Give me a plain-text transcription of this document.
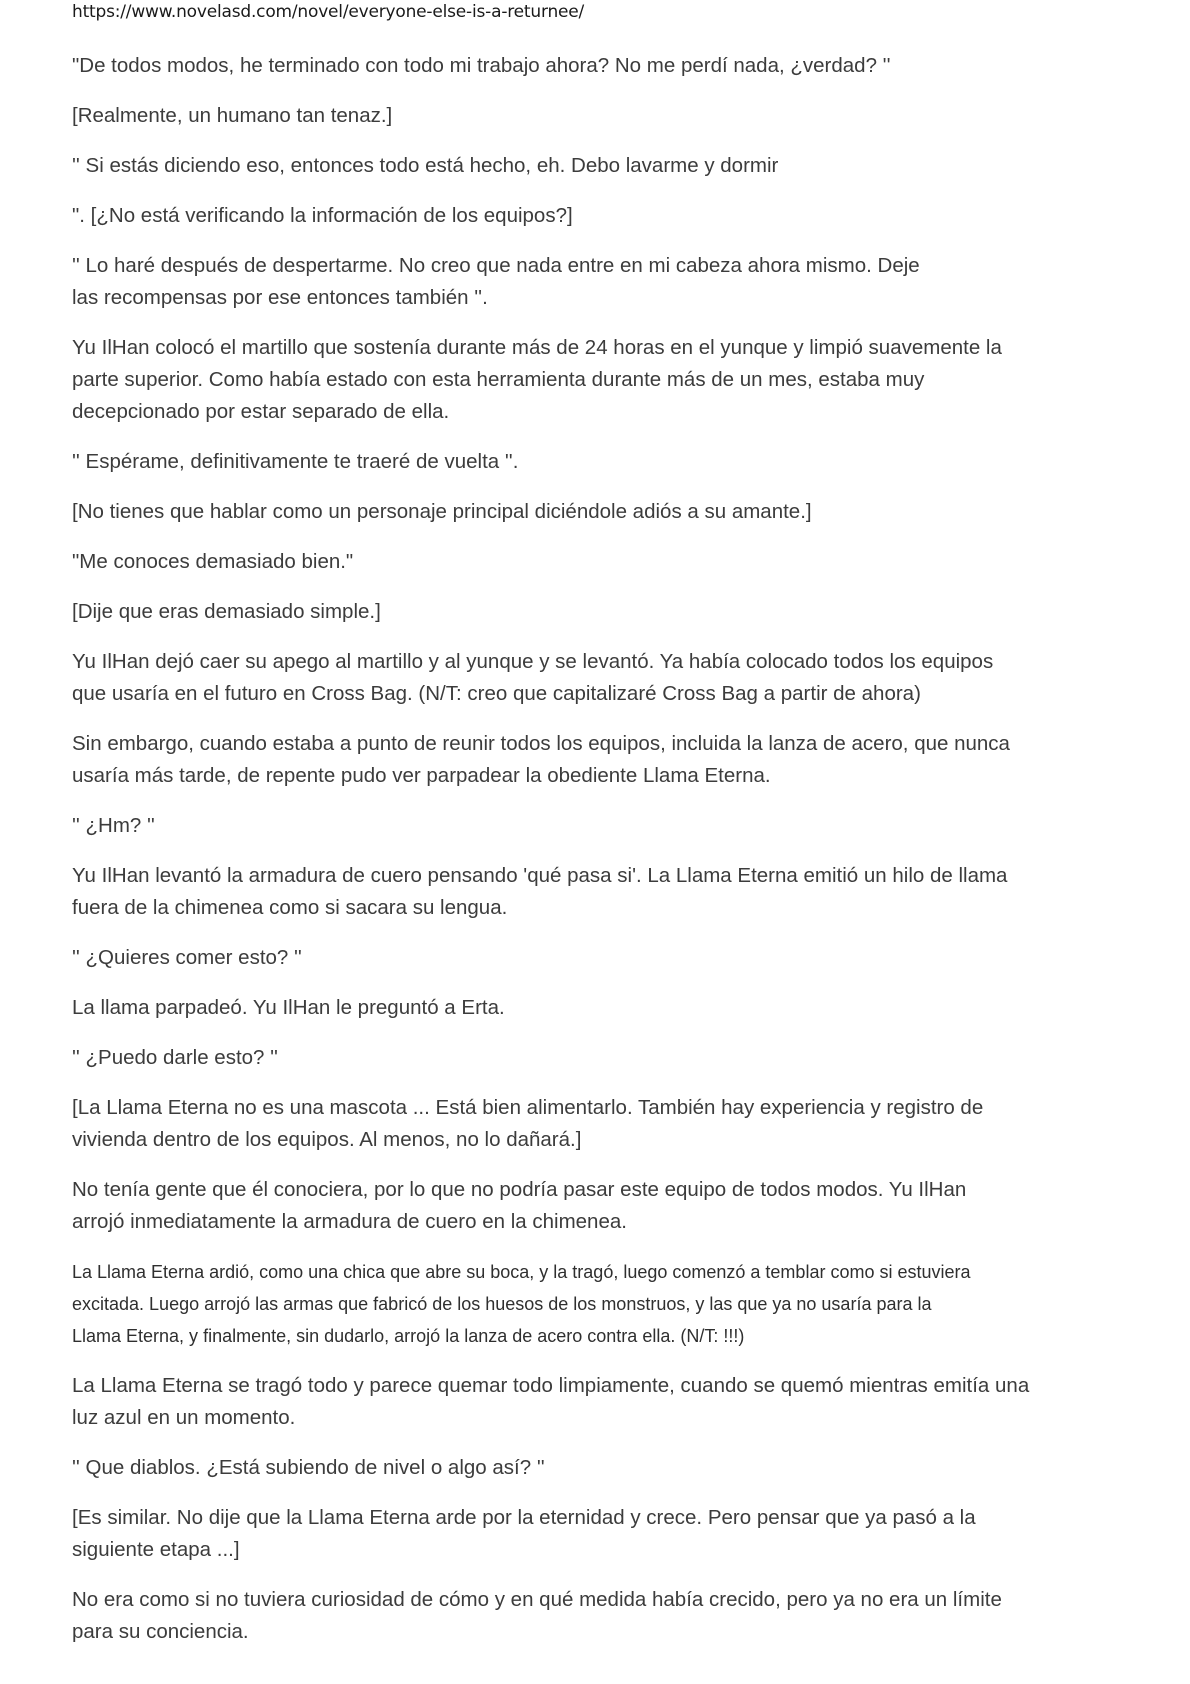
https://www.novelasd.com/novel/everyone-else-is-a-returnee/
"De todos modos, he terminado con todo mi trabajo ahora? No me perdí nada, ¿verdad? ''
[Realmente, un humano tan tenaz.]
'' Si estás diciendo eso, entonces todo está hecho, eh. Debo lavarme y dormir
". [¿No está verificando la información de los equipos?]
'' Lo haré después de despertarme. No creo que nada entre en mi cabeza ahora mismo. Deje
las recompensas por ese entonces también ''.
Yu IlHan colocó el martillo que sostenía durante más de 24 horas en el yunque y limpió suavemente la
parte superior. Como había estado con esta herramienta durante más de un mes, estaba muy
decepcionado por estar separado de ella.
'' Espérame, definitivamente te traeré de vuelta ''.
[No tienes que hablar como un personaje principal diciéndole adiós a su amante.]
"Me conoces demasiado bien."
[Dije que eras demasiado simple.]
Yu IlHan dejó caer su apego al martillo y al yunque y se levantó. Ya había colocado todos los equipos
que usaría en el futuro en Cross Bag. (N/T: creo que capitalizaré Cross Bag a partir de ahora)
Sin embargo, cuando estaba a punto de reunir todos los equipos, incluida la lanza de acero, que nunca
usaría más tarde, de repente pudo ver parpadear la obediente Llama Eterna.
'' ¿Hm? ''
Yu IlHan levantó la armadura de cuero pensando 'qué pasa si'. La Llama Eterna emitió un hilo de llama
fuera de la chimenea como si sacara su lengua.
'' ¿Quieres comer esto? ''
La llama parpadeó. Yu IlHan le preguntó a Erta.
'' ¿Puedo darle esto? ''
[La Llama Eterna no es una mascota ... Está bien alimentarlo. También hay experiencia y registro de
vivienda dentro de los equipos. Al menos, no lo dañará.]
No tenía gente que él conociera, por lo que no podría pasar este equipo de todos modos. Yu IlHan
arrojó inmediatamente la armadura de cuero en la chimenea.
La Llama Eterna ardió, como una chica que abre su boca, y la tragó, luego comenzó a temblar como si estuviera
excitada. Luego arrojó las armas que fabricó de los huesos de los monstruos, y las que ya no usaría para la
Llama Eterna, y finalmente, sin dudarlo, arrojó la lanza de acero contra ella. (N/T: !!!)
La Llama Eterna se tragó todo y parece quemar todo limpiamente, cuando se quemó mientras emitía una
luz azul en un momento.
'' Que diablos. ¿Está subiendo de nivel o algo así? ''
[Es similar. No dije que la Llama Eterna arde por la eternidad y crece. Pero pensar que ya pasó a la
siguiente etapa ...]
No era como si no tuviera curiosidad de cómo y en qué medida había crecido, pero ya no era un límite
para su conciencia.
